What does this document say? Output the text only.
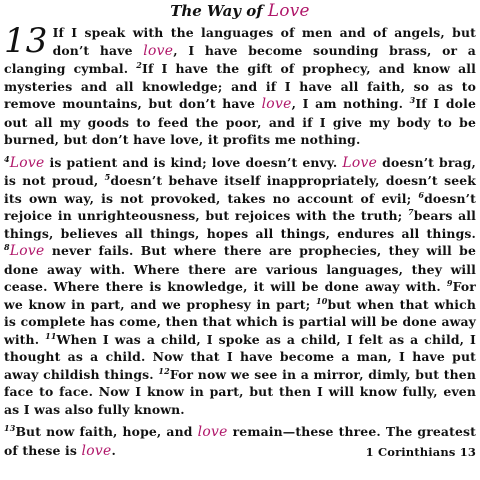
The Way of Love

13 If I speak with the languages of men and of angels, but don’t have love, I have become sounding brass, or a clanging cymbal. $^2$If I have the gift of prophecy, and know all mysteries and all knowledge; and if I have all faith, so as to remove mountains, but don’t have love, I am nothing. $^3$If I dole out all my goods to feed the poor, and if I give my body to be burned, but don’t have love, it profits me nothing.

$^4$Love is patient and is kind; love doesn’t envy. Love doesn’t brag, is not proud, $^5$doesn’t behave itself inappropriately, doesn’t seek its own way, is not provoked, takes no account of evil; $^6$doesn’t rejoice in unrighteousness, but rejoices with the truth; $^7$bears all things, believes all things, hopes all things, endures all things. $^8$Love never fails. But where there are prophecies, they will be done away with. Where there are various languages, they will cease. Where there is knowledge, it will be done away with. $^9$For we know in part, and we prophesy in part; $^{10}$but when that which is complete has come, then that which is partial will be done away with. $^{11}$When I was a child, I spoke as a child, I felt as a child, I thought as a child. Now that I have become a man, I have put away childish things. $^{12}$For now we see in a mirror, dimly, but then face to face. Now I know in part, but then I will know fully, even as I was also fully known.

$^{13}$But now faith, hope, and love remain—these three. The greatest of these is love.	1 Corinthians 13
